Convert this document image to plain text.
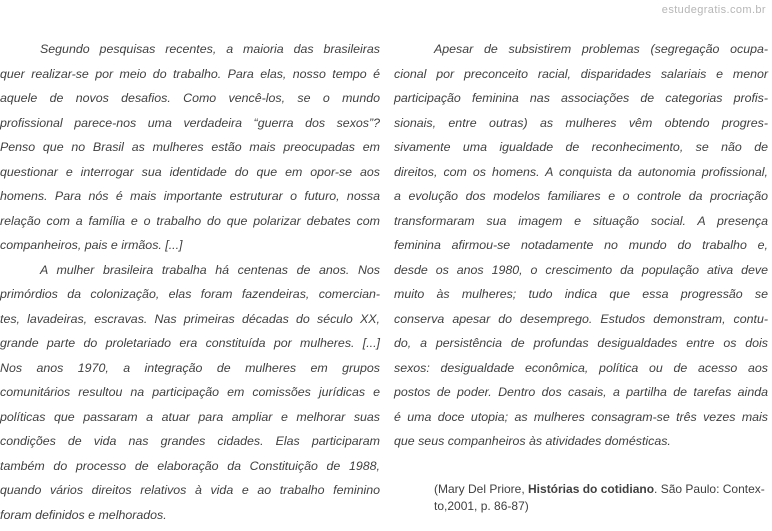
estudegratis.com.br
Segundo pesquisas recentes, a maioria das brasileiras
quer realizar-se por meio do trabalho. Para elas, nosso tempo é
aquele de novos desafios. Como vencê-los, se o mundo
profissional parece-nos uma verdadeira “guerra dos sexos”?
Penso que no Brasil as mulheres estão mais preocupadas em
questionar e interrogar sua identidade do que em opor-se aos
homens. Para nós é mais importante estruturar o futuro, nossa
relação com a família e o trabalho do que polarizar debates com
companheiros, pais e irmãos. [...]
A mulher brasileira trabalha há centenas de anos. Nos
primórdios da colonização, elas foram fazendeiras, comercian-
tes, lavadeiras, escravas. Nas primeiras décadas do século XX,
grande parte do proletariado era constituída por mulheres. [...]
Nos anos 1970, a integração de mulheres em grupos
comunitários resultou na participação em comissões jurídicas e
políticas que passaram a atuar para ampliar e melhorar suas
condições de vida nas grandes cidades. Elas participaram
também do processo de elaboração da Constituição de 1988,
quando vários direitos relativos à vida e ao trabalho feminino
foram definidos e melhorados.
Apesar de subsistirem problemas (segregação ocupa-
cional por preconceito racial, disparidades salariais e menor
participação feminina nas associações de categorias profis-
sionais, entre outras) as mulheres vêm obtendo progres-
sivamente uma igualdade de reconhecimento, se não de
direitos, com os homens. A conquista da autonomia profissional,
a evolução dos modelos familiares e o controle da procriação
transformaram sua imagem e situação social. A presença
feminina afirmou-se notadamente no mundo do trabalho e,
desde os anos 1980, o crescimento da população ativa deve
muito às mulheres; tudo indica que essa progressão se
conserva apesar do desemprego. Estudos demonstram, contu-
do, a persistência de profundas desigualdades entre os dois
sexos: desigualdade econômica, política ou de acesso aos
postos de poder. Dentro dos casais, a partilha de tarefas ainda
é uma doce utopia; as mulheres consagram-se três vezes mais
que seus companheiros às atividades domésticas.
(Mary Del Priore, Histórias do cotidiano. São Paulo: Contex-
to,2001, p. 86-87)
